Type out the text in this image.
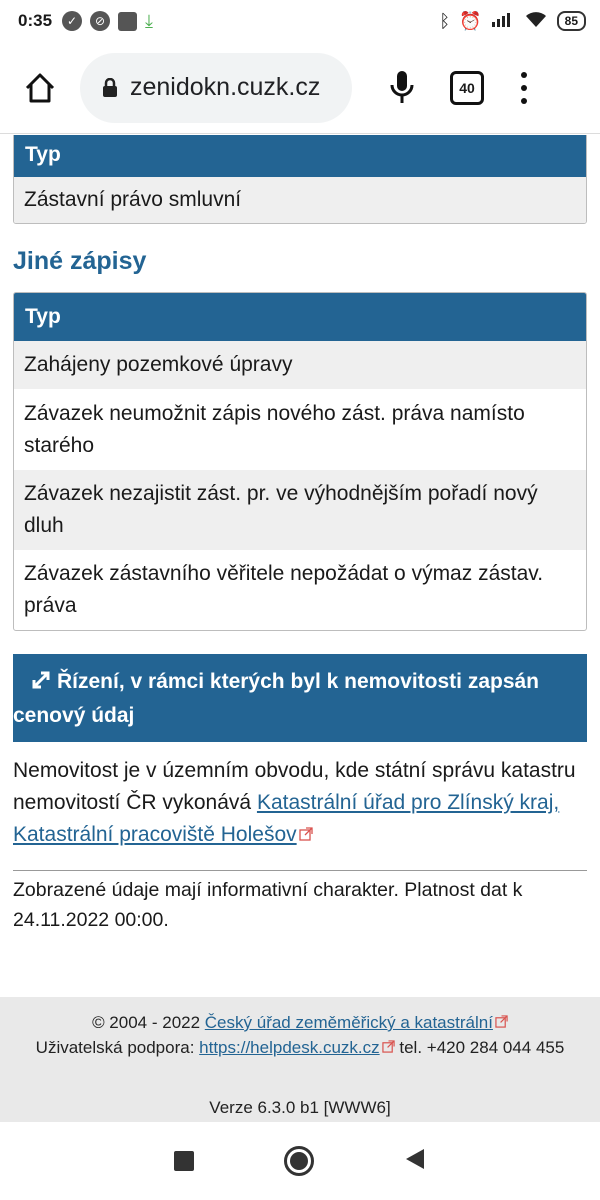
0:35	✓	⊘ ⤓	ᛒ ⏰	85
zenidokn.cuzk.cz	40
Typ
Zástavní právo smluvní
Jiné zápisy
Typ
Zahájeny pozemkové úpravy
Závazek neumožnit zápis nového zást. práva namísto starého
Závazek nezajistit zást. pr. ve výhodnějším pořadí nový dluh
Závazek zástavního věřitele nepožádat o výmaz zástav. práva
Řízení, v rámci kterých byl k nemovitosti zapsán cenový údaj

Nemovitost je v územním obvodu, kde státní správu katastru nemovitostí ČR vykonává Katastrální úřad pro Zlínský kraj, Katastrální pracoviště Holešov

Zobrazené údaje mají informativní charakter. Platnost dat k 24.11.2022 00:00.

© 2004 - 2022 Český úřad zeměměřický a katastrální
Uživatelská podpora: https://helpdesk.cuzk.cz tel. +420 284 044 455
Verze 6.3.0 b1 [WWW6]
